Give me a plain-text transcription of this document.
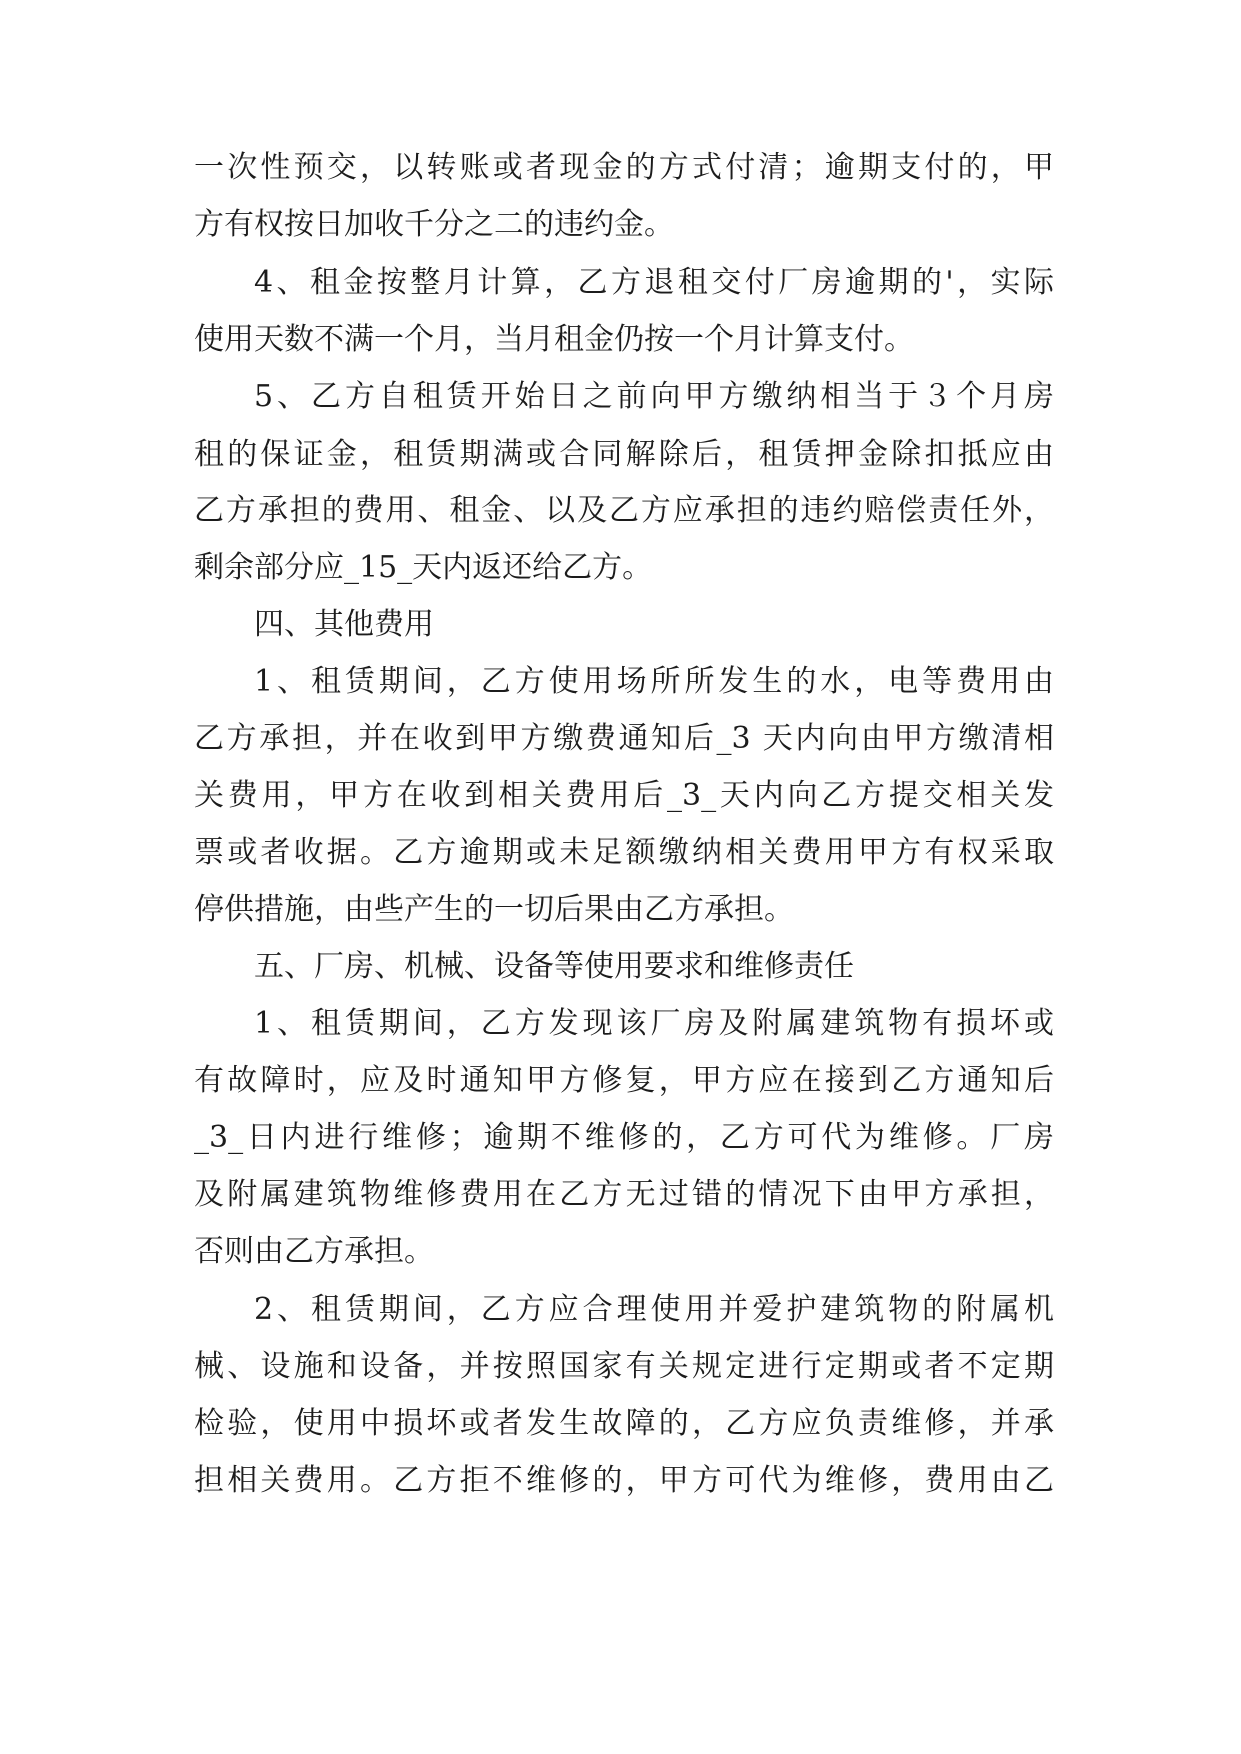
一次性预交，以转账或者现金的方式付清；逾期支付的，甲
方有权按日加收千分之二的违约金。
4、租金按整月计算，乙方退租交付厂房逾期的'，实际
使用天数不满一个月，当月租金仍按一个月计算支付。
5、乙方自租赁开始日之前向甲方缴纳相当于３个月房
租的保证金，租赁期满或合同解除后，租赁押金除扣抵应由
乙方承担的费用、租金、以及乙方应承担的违约赔偿责任外，
剩余部分应_15_天内返还给乙方。
四、其他费用
1、租赁期间，乙方使用场所所发生的水，电等费用由
乙方承担，并在收到甲方缴费通知后_3 天内向由甲方缴清相
关费用，甲方在收到相关费用后_3_天内向乙方提交相关发
票或者收据。乙方逾期或未足额缴纳相关费用甲方有权采取
停供措施，由些产生的一切后果由乙方承担。
五、厂房、机械、设备等使用要求和维修责任
1、租赁期间，乙方发现该厂房及附属建筑物有损坏或
有故障时，应及时通知甲方修复，甲方应在接到乙方通知后
_3_日内进行维修；逾期不维修的，乙方可代为维修。厂房
及附属建筑物维修费用在乙方无过错的情况下由甲方承担，
否则由乙方承担。
2、租赁期间，乙方应合理使用并爱护建筑物的附属机
械、设施和设备，并按照国家有关规定进行定期或者不定期
检验，使用中损坏或者发生故障的，乙方应负责维修，并承
担相关费用。乙方拒不维修的，甲方可代为维修，费用由乙
